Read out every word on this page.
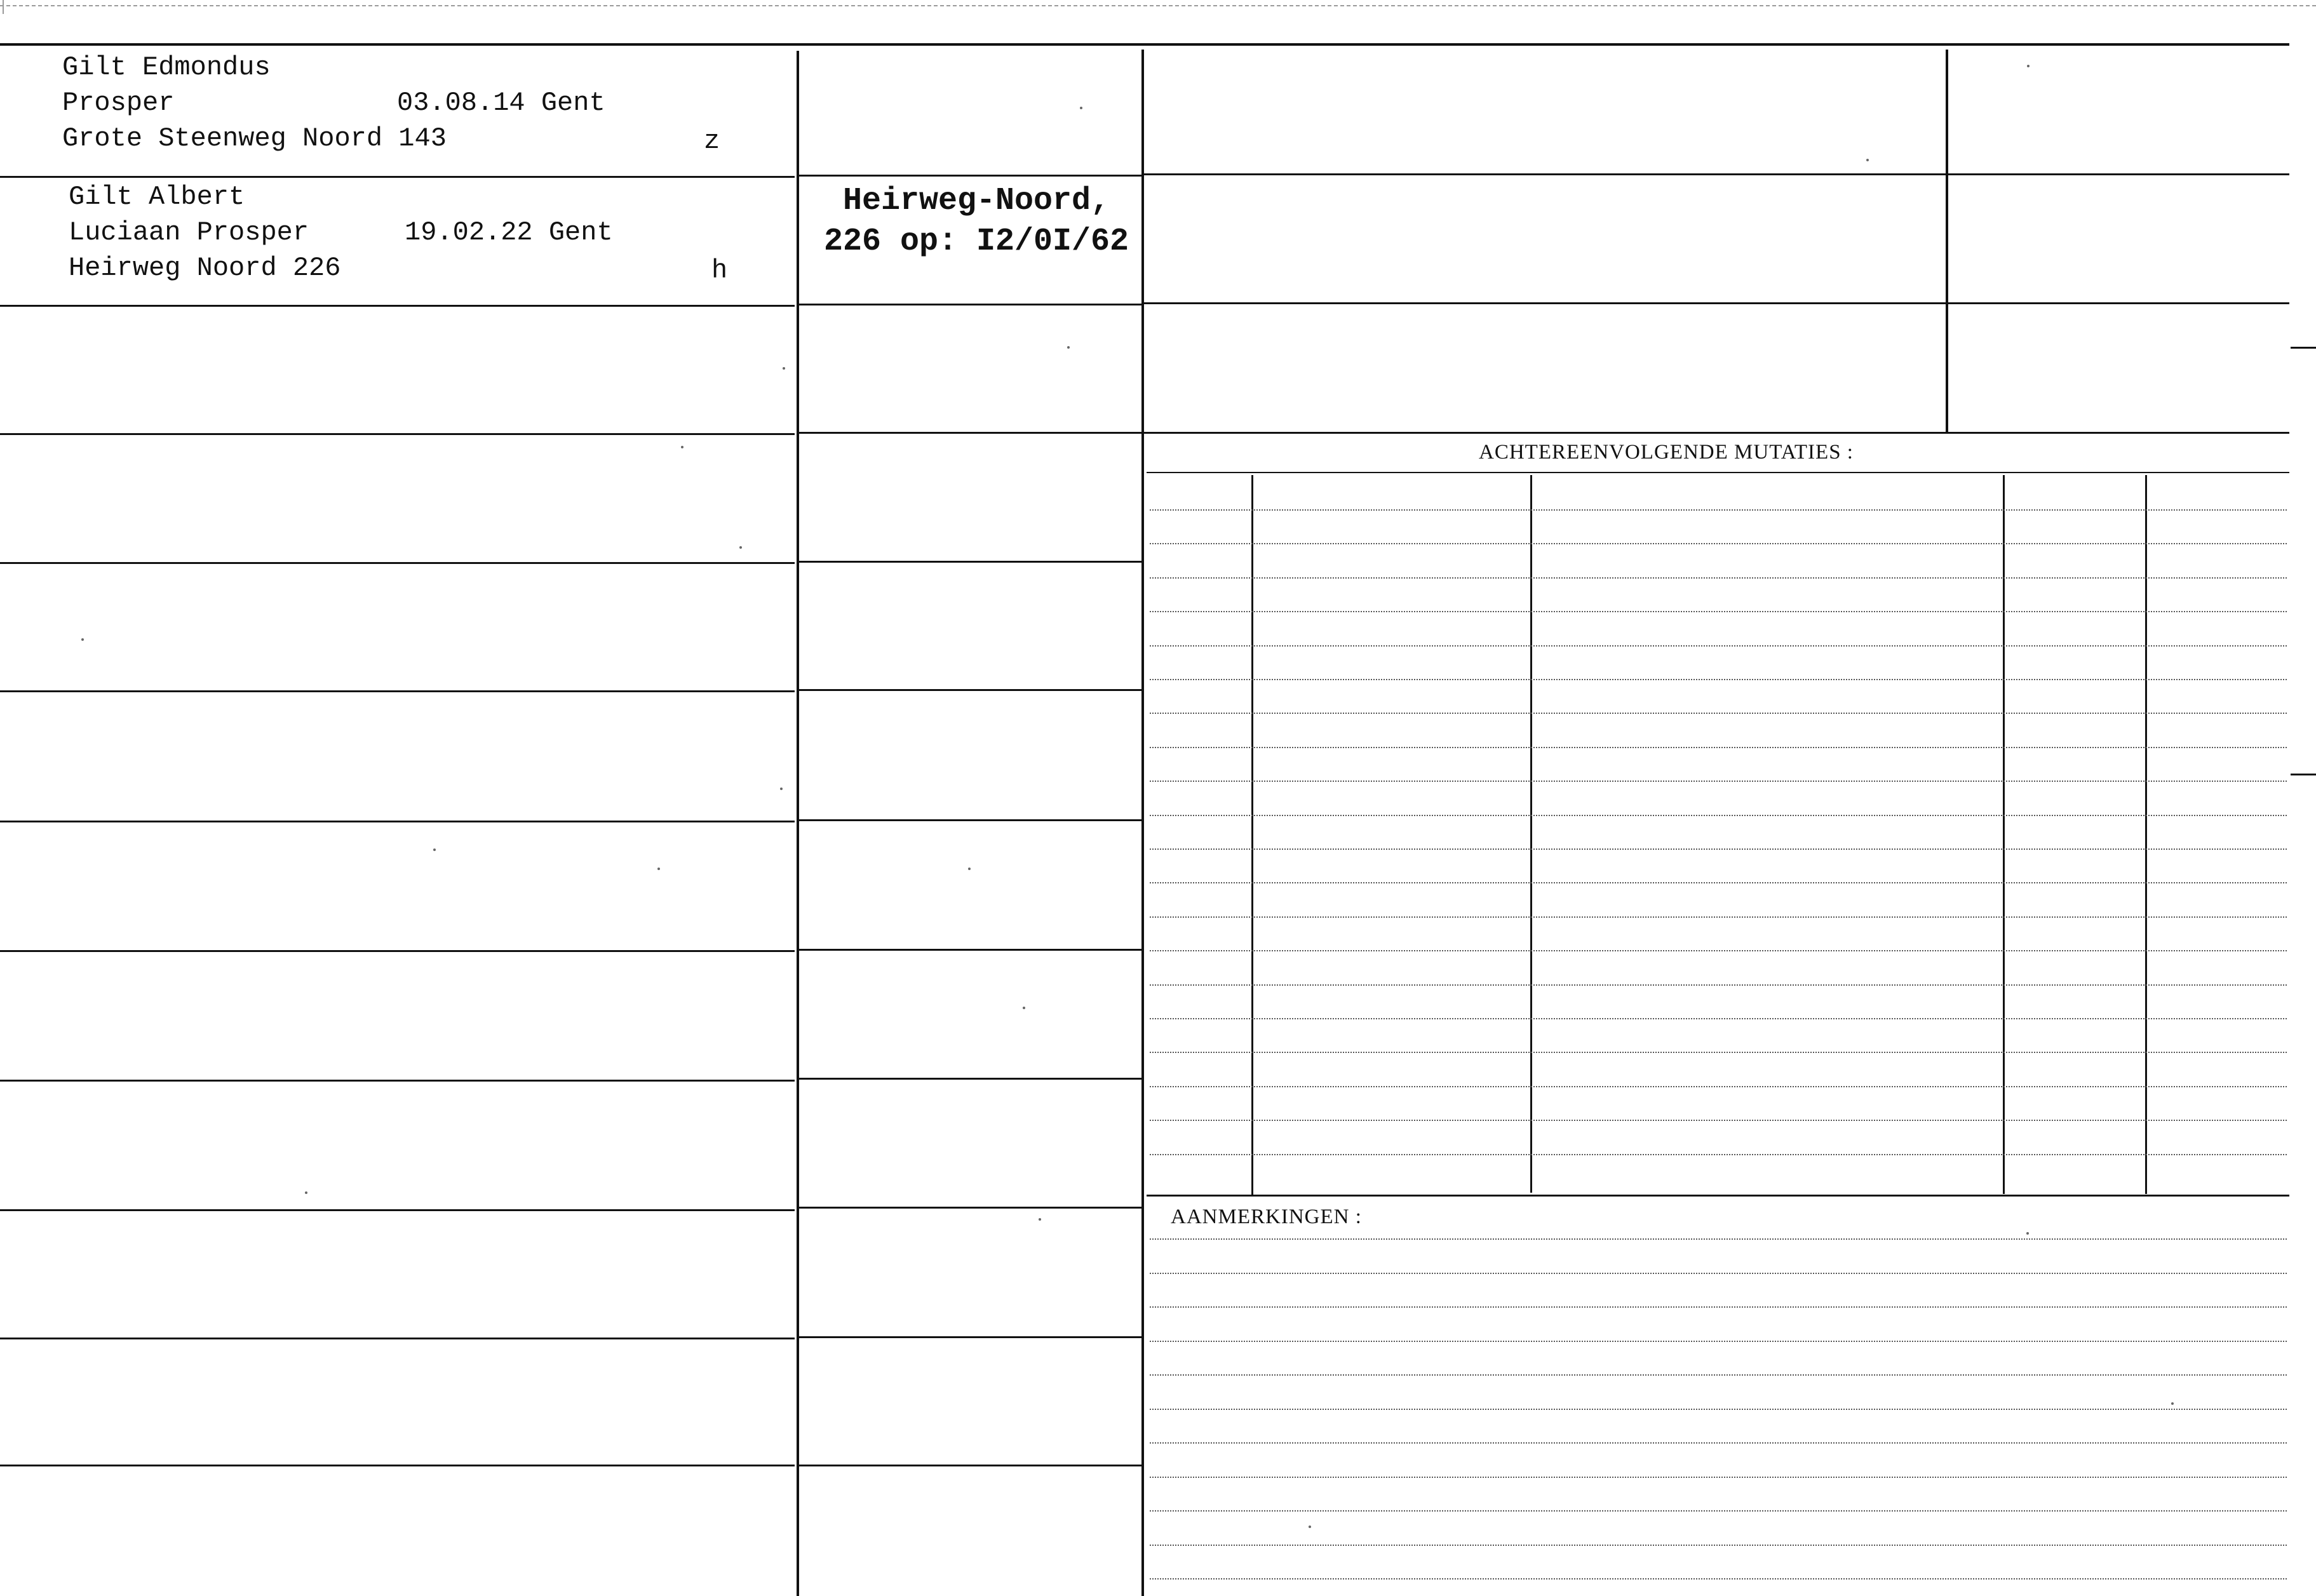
ACHTEREENVOLGENDE MUTATIES :
AANMERKINGEN :
Gilt Edmondus
Prosper	03.08.14 Gent
Grote Steenweg Noord 143	z
Gilt Albert
Luciaan Prosper	19.02.22 Gent
Heirweg Noord 226	h
Heirweg-Noord,
226 op: I2/0I/62
